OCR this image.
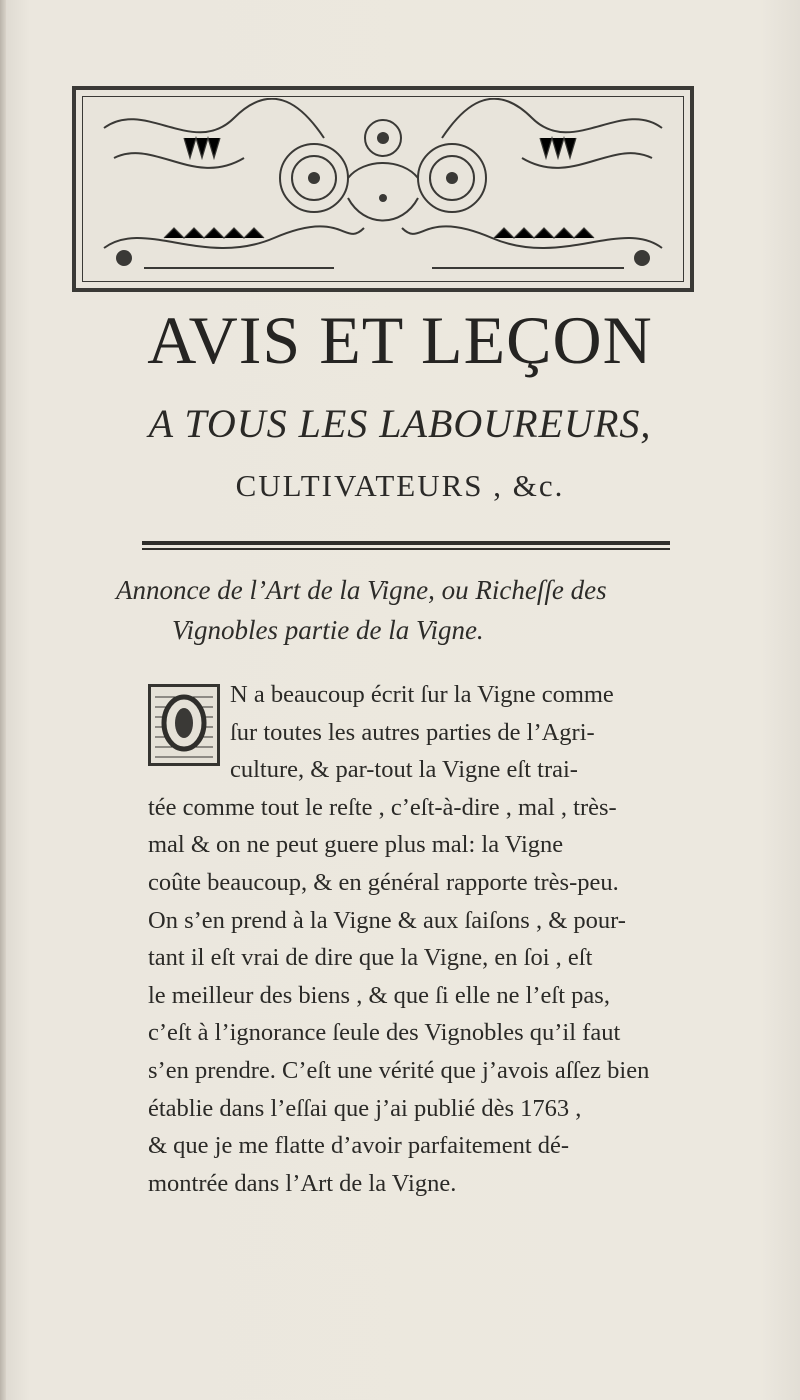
AVIS ET LEÇON
A TOUS LES LABOUREURS,
CULTIVATEURS , &c.
Annonce de l’Art de la Vigne, ou Richeſſe des
Vignobles partie de la Vigne.
N a beaucoup écrit ſur la Vigne comme
ſur toutes les autres parties de l’Agri-
culture, & par-tout la Vigne eſt trai-
tée comme tout le reſte , c’eſt-à-dire , mal , très-
mal & on ne peut guere plus mal: la Vigne
coûte beaucoup, & en général rapporte très-peu.
On s’en prend à la Vigne & aux ſaiſons , & pour-
tant il eſt vrai de dire que la Vigne, en ſoi , eſt
le meilleur des biens , & que ſi elle ne l’eſt pas,
c’eſt à l’ignorance ſeule des Vignobles qu’il faut
s’en prendre. C’eſt une vérité que j’avois aſſez bien
établie dans l’eſſai que j’ai publié dès 1763 ,
& que je me flatte d’avoir parfaitement dé-
montrée dans l’Art de la Vigne.
